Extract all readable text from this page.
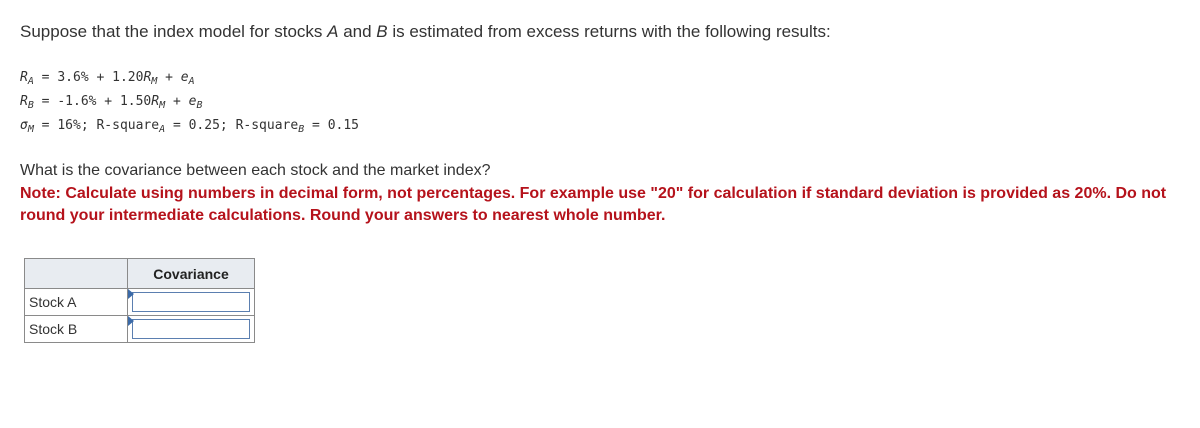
Suppose that the index model for stocks A and B is estimated from excess returns with the following results:
$R_A = 3.6\% + 1.20R_M + e_A$
$R_B = -1.6\% + 1.50R_M + e_B$
$\sigma_M = 16\%$; R-square$_A$ = 0.25; R-square$_B$ = 0.15
What is the covariance between each stock and the market index?
Note: Calculate using numbers in decimal form, not percentages. For example use "20" for calculation if standard deviation is provided as 20%. Do not round your intermediate calculations. Round your answers to nearest whole number.
	Covariance
Stock A	

Stock B	
